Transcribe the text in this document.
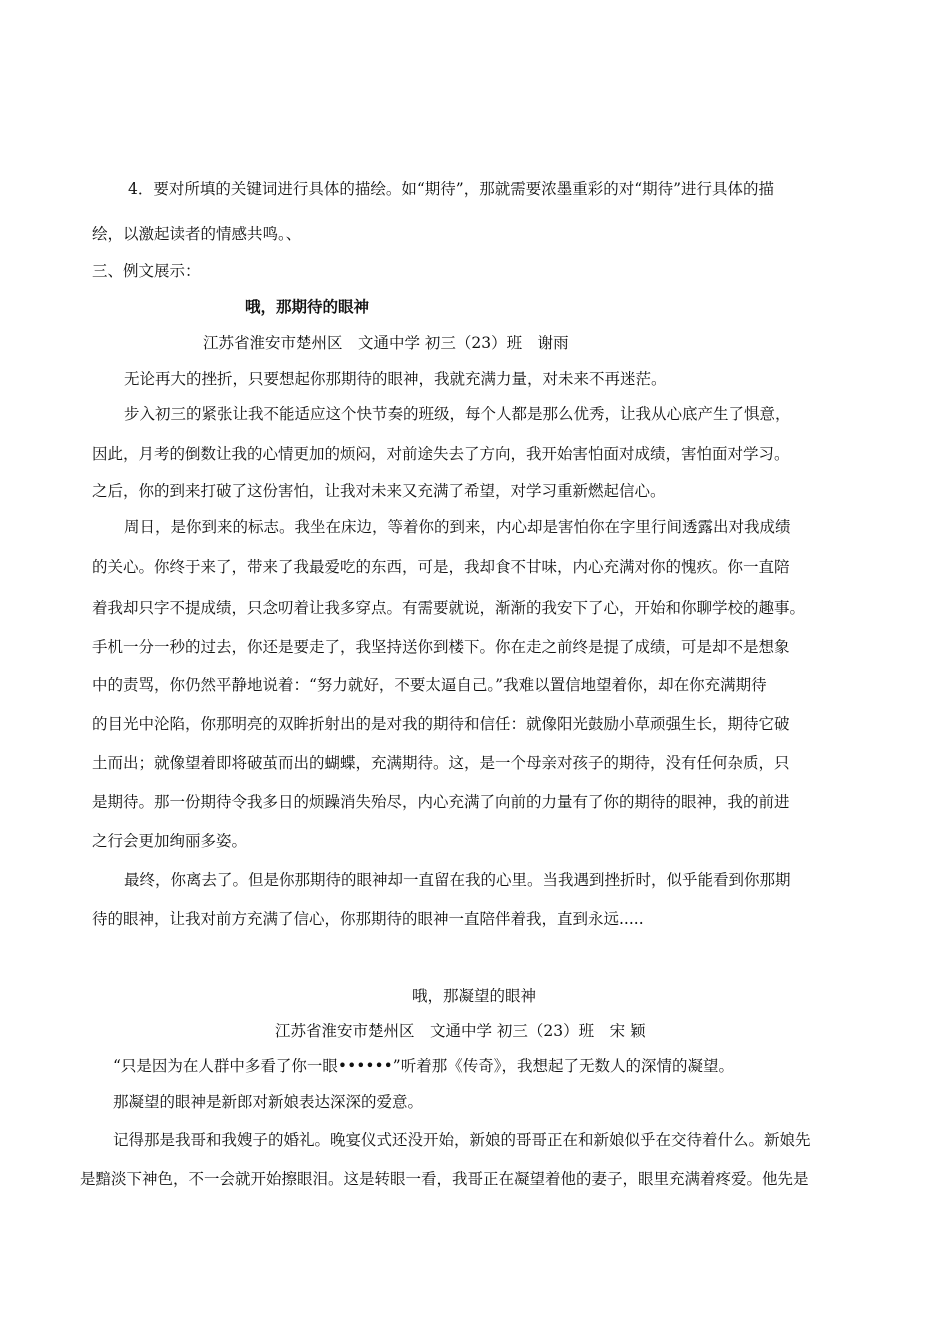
4．要对所填的关键词进行具体的描绘。如“期待”，那就需要浓墨重彩的对“期待”进行具体的描
绘，以激起读者的情感共鸣。、
三、例文展示：
哦，那期待的眼神
江苏省淮安市楚州区　文通中学 初三（23）班　谢雨
无论再大的挫折，只要想起你那期待的眼神，我就充满力量，对未来不再迷茫。
步入初三的紧张让我不能适应这个快节奏的班级，每个人都是那么优秀，让我从心底产生了惧意，
因此，月考的倒数让我的心情更加的烦闷，对前途失去了方向，我开始害怕面对成绩，害怕面对学习。
之后，你的到来打破了这份害怕，让我对未来又充满了希望，对学习重新燃起信心。
周日，是你到来的标志。我坐在床边，等着你的到来，内心却是害怕你在字里行间透露出对我成绩
的关心。你终于来了，带来了我最爱吃的东西，可是，我却食不甘味，内心充满对你的愧疚。你一直陪
着我却只字不提成绩，只念叨着让我多穿点。有需要就说，渐渐的我安下了心，开始和你聊学校的趣事。
手机一分一秒的过去，你还是要走了，我坚持送你到楼下。你在走之前终是提了成绩，可是却不是想象
中的责骂，你仍然平静地说着：“努力就好，不要太逼自己。”我难以置信地望着你，却在你充满期待
的目光中沦陷，你那明亮的双眸折射出的是对我的期待和信任：就像阳光鼓励小草顽强生长，期待它破
土而出；就像望着即将破茧而出的蝴蝶，充满期待。这，是一个母亲对孩子的期待，没有任何杂质，只
是期待。那一份期待令我多日的烦躁消失殆尽，内心充满了向前的力量有了你的期待的眼神，我的前进
之行会更加绚丽多姿。
最终，你离去了。但是你那期待的眼神却一直留在我的心里。当我遇到挫折时，似乎能看到你那期
待的眼神，让我对前方充满了信心，你那期待的眼神一直陪伴着我，直到永远.....
哦，那凝望的眼神
江苏省淮安市楚州区　文通中学 初三（23）班　宋 颖
“只是因为在人群中多看了你一眼••••••”听着那《传奇》，我想起了无数人的深情的凝望。
那凝望的眼神是新郎对新娘表达深深的爱意。
记得那是我哥和我嫂子的婚礼。晚宴仪式还没开始，新娘的哥哥正在和新娘似乎在交待着什么。新娘先
是黯淡下神色，不一会就开始擦眼泪。这是转眼一看，我哥正在凝望着他的妻子，眼里充满着疼爱。他先是
